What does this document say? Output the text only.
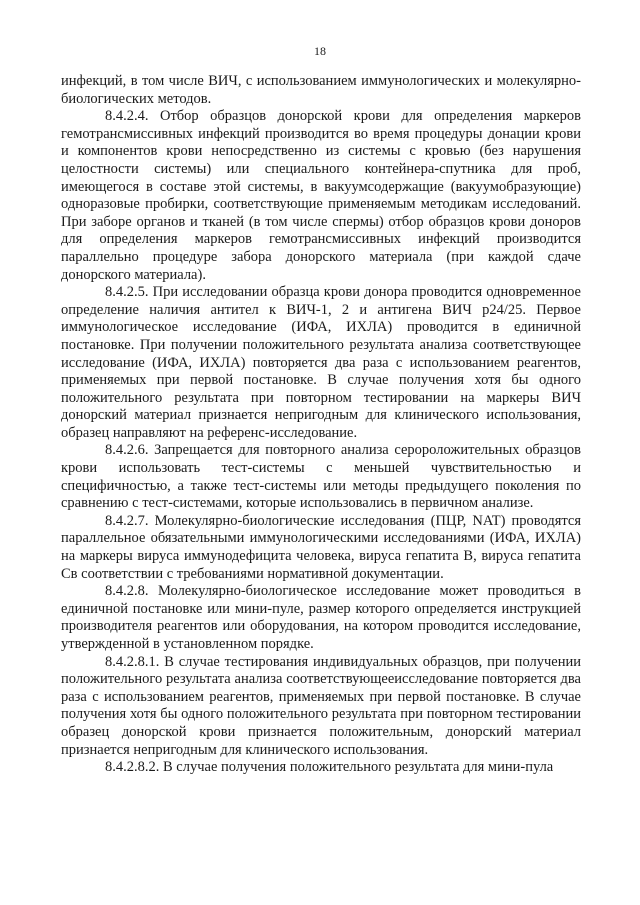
18

инфекций, в том числе ВИЧ, с использованием иммунологических и молекулярно-биологических методов.

8.4.2.4. Отбор образцов донорской крови для определения маркеров гемотрансмиссивных инфекций производится во время процедуры донации крови и компонентов крови непосредственно из системы с кровью (без нарушения целостности системы) или специального контейнера-спутника для проб, имеющегося в составе этой системы, в вакуумсодержащие (вакуумобразующие) одноразовые пробирки, соответствующие применяемым методикам исследований. При заборе органов и тканей (в том числе спермы) отбор образцов крови доноров для определения маркеров гемотрансмиссивных инфекций производится параллельно процедуре забора донорского материала (при каждой сдаче донорского материала).

8.4.2.5. При исследовании образца крови донора проводится одновременное определение наличия антител к ВИЧ-1, 2 и антигена ВИЧ p24/25. Первое иммунологическое исследование (ИФА, ИХЛА) проводится в единичной постановке. При получении положительного результата анализа соответствующее исследование (ИФА, ИХЛА) повторяется два раза с использованием реагентов, применяемых при первой постановке. В случае получения хотя бы одного положительного результата при повторном тестировании на маркеры ВИЧ донорский материал признается непригодным для клинического использования, образец направляют на референс-исследование.

8.4.2.6. Запрещается для повторного анализа серopоложительных образцов крови использовать тест-системы с меньшей чувствительностью и специфичностью, а также тест-системы или методы предыдущего поколения по сравнению с тест-системами, которые использовались в первичном анализе.

8.4.2.7. Молекулярно-биологические исследования (ПЦР, NAT) проводятся параллельное обязательными иммунологическими исследованиями (ИФА, ИХЛА) на маркеры вируса иммунодефицита человека, вируса гепатита В, вируса гепатита Св соответствии с требованиями нормативной документации.

8.4.2.8. Молекулярно-биологическое исследование может проводиться в единичной постановке или мини-пуле, размер которого определяется инструкцией производителя реагентов или оборудования, на котором проводится исследование, утвержденной в установленном порядке.

8.4.2.8.1. В случае тестирования индивидуальных образцов, при получении положительного результата анализа соответствующееисследование повторяется два раза с использованием реагентов, применяемых при первой постановке. В случае получения хотя бы одного положительного результата при повторном тестировании образец донорской крови признается положительным, донорский материал признается непригодным для клинического использования.

8.4.2.8.2. В случае получения положительного результата для мини-пула
